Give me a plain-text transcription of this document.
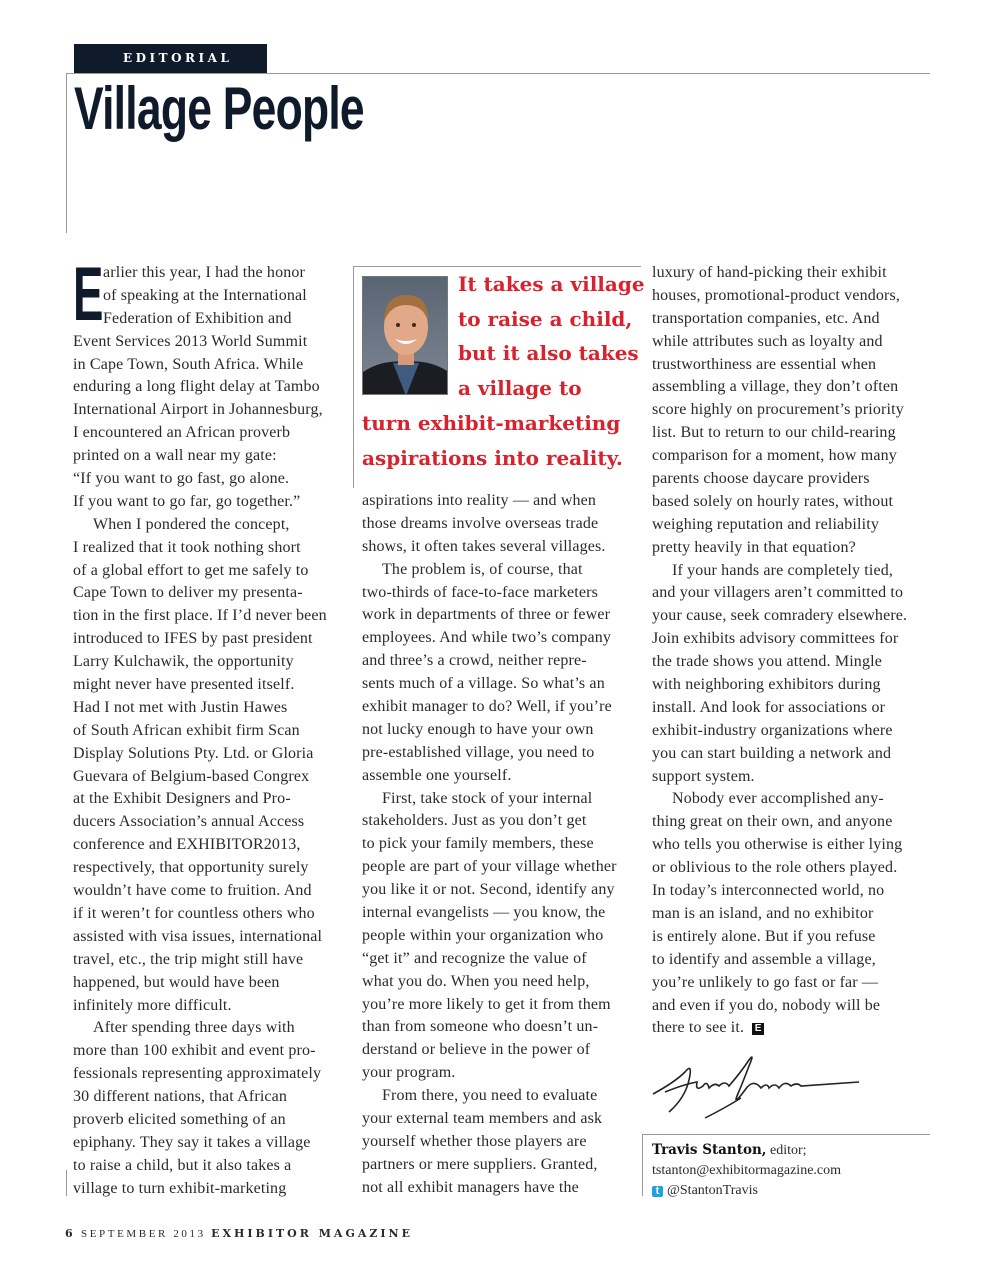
EDITORIAL
Village People
E arlier this year, I had the honor
of speaking at the International
Federation of Exhibition and
Event Services 2013 World Summit
in Cape Town, South Africa. While
enduring a long flight delay at Tambo
International Airport in Johannesburg,
I encountered an African proverb
printed on a wall near my gate:
“If you want to go fast, go alone.
If you want to go far, go together.”
When I pondered the concept,
I realized that it took nothing short
of a global effort to get me safely to
Cape Town to deliver my presenta-
tion in the first place. If I’d never been
introduced to IFES by past president
Larry Kulchawik, the opportunity
might never have presented itself.
Had I not met with Justin Hawes
of South African exhibit firm Scan
Display Solutions Pty. Ltd. or Gloria
Guevara of Belgium-based Congrex
at the Exhibit Designers and Pro-
ducers Association’s annual Access
conference and EXHIBITOR2013,
respectively, that opportunity surely
wouldn’t have come to fruition. And
if it weren’t for countless others who
assisted with visa issues, international
travel, etc., the trip might still have
happened, but would have been
infinitely more difficult.
After spending three days with
more than 100 exhibit and event pro-
fessionals representing approximately
30 different nations, that African
proverb elicited something of an
epiphany. They say it takes a village
to raise a child, but it also takes a
village to turn exhibit-marketing
It takes a village
to raise a child,
but it also takes
a village to
turn exhibit-marketing
aspirations into reality.
aspirations into reality — and when
those dreams involve overseas trade
shows, it often takes several villages.
The problem is, of course, that
two-thirds of face-to-face marketers
work in departments of three or fewer
employees. And while two’s company
and three’s a crowd, neither repre-
sents much of a village. So what’s an
exhibit manager to do? Well, if you’re
not lucky enough to have your own
pre-established village, you need to
assemble one yourself.
First, take stock of your internal
stakeholders. Just as you don’t get
to pick your family members, these
people are part of your village whether
you like it or not. Second, identify any
internal evangelists — you know, the
people within your organization who
“get it” and recognize the value of
what you do. When you need help,
you’re more likely to get it from them
than from someone who doesn’t un-
derstand or believe in the power of
your program.
From there, you need to evaluate
your external team members and ask
yourself whether those players are
partners or mere suppliers. Granted,
not all exhibit managers have the
luxury of hand-picking their exhibit
houses, promotional-product vendors,
transportation companies, etc. And
while attributes such as loyalty and
trustworthiness are essential when
assembling a village, they don’t often
score highly on procurement’s priority
list. But to return to our child-rearing
comparison for a moment, how many
parents choose daycare providers
based solely on hourly rates, without
weighing reputation and reliability
pretty heavily in that equation?
If your hands are completely tied,
and your villagers aren’t committed to
your cause, seek comradery elsewhere.
Join exhibits advisory committees for
the trade shows you attend. Mingle
with neighboring exhibitors during
install. And look for associations or
exhibit-industry organizations where
you can start building a network and
support system.
Nobody ever accomplished any-
thing great on their own, and anyone
who tells you otherwise is either lying
or oblivious to the role others played.
In today’s interconnected world, no
man is an island, and no exhibitor
is entirely alone. But if you refuse
to identify and assemble a village,
you’re unlikely to go fast or far —
and even if you do, nobody will be
there to see it. E
Travis Stanton, editor;
tstanton@exhibitormagazine.com
t @StantonTravis
6 SEPTEMBER 2013 EXHIBITOR MAGAZINE
